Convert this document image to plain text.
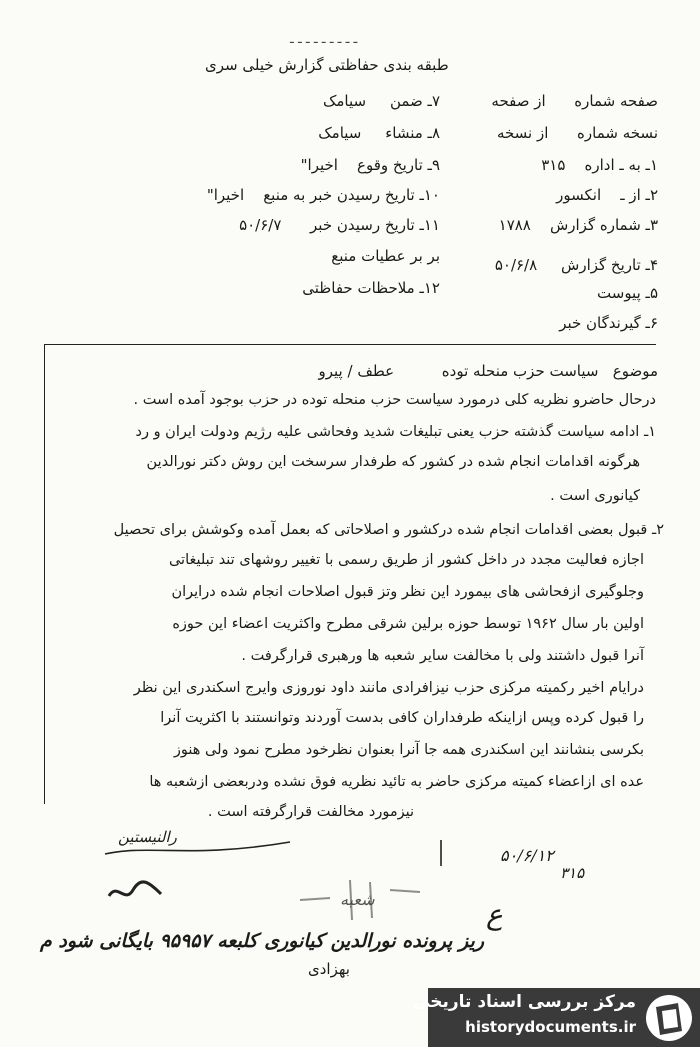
ـ ـ ـ ـ ـ ـ ـ ـ ـ
طبقه بندی حفاظتی گزارش خیلی سری
۷ـ ضمن     سیامک
۸ـ منشاء     سیامک
۹ـ تاریخ وقوع    اخیرا"
۱۰ـ تاریخ رسیدن خبر به منبع    اخیرا"
۱۱ـ تاریخ رسیدن خبر      ۵۰/۶/۷
بر بر عطیات منبع
۱۲ـ ملاحظات حفاظتی
صفحه شماره      از صفحه
نسخه شماره      از نسخه
۱ـ به ـ اداره    ۳۱۵
۲ـ از ـ    انکسور
۳ـ شماره گزارش    ۱۷۸۸
۴ـ تاریخ گزارش     ۵۰/۶/۸
۵ـ پیوست
۶ـ گیرندگان خبر
موضوع   سیاست حزب منحله توده          عطف / پیرو
درحال حاضرو نظریه کلی درمورد سیاست حزب منحله توده در حزب بوجود آمده است .
۱ـ ادامه سیاست گذشته حزب یعنی تبلیغات شدید وفحاشی علیه رژیم ودولت ایران و رد
هرگونه اقدامات انجام شده در کشور که طرفدار سرسخت این روش دکتر نورالدین
کیانوری است .
۲ـ قبول بعضی اقدامات انجام شده درکشور و اصلاحاتی که بعمل آمده وکوشش برای تحصیل
اجازه فعالیت مجدد در داخل کشور از طریق رسمی با تغییر روشهای تند تبلیغاتی
وجلوگیری ازفحاشی های بیمورد این نظر وتز قبول اصلاحات انجام شده درایران
اولین بار سال ۱۹۶۲ توسط حوزه برلین شرقی مطرح واکثریت اعضاء این حوزه
آنرا قبول داشتند ولی با مخالفت سایر شعبه ها ورهبری قرارگرفت .
درایام اخیر رکمیته مرکزی حزب نیزافرادی مانند داود نوروزی وایرج اسکندری این نظر
را قبول کرده وپس ازاینکه طرفداران کافی بدست آوردند وتوانستند با اکثریت آنرا
بکرسی بنشانند این اسکندری همه جا آنرا بعنوان نظرخود مطرح نمود ولی هنوز
عده ای ازاعضاء کمیته مرکزی حاضر به تائید نظریه فوق نشده ودربعضی ازشعبه ها
نیزمورد مخالفت قرارگرفته است .
رالنیستین
۵۰/۶/۱۲
۳۱۵
ع
شعبه
بهزادی
ریز پرونده نورالدین کیانوری کلبعه ۹۵۹۵۷ بایگانی شود م
مرکز بررسی اسناد تاریخی
historydocuments.ir
